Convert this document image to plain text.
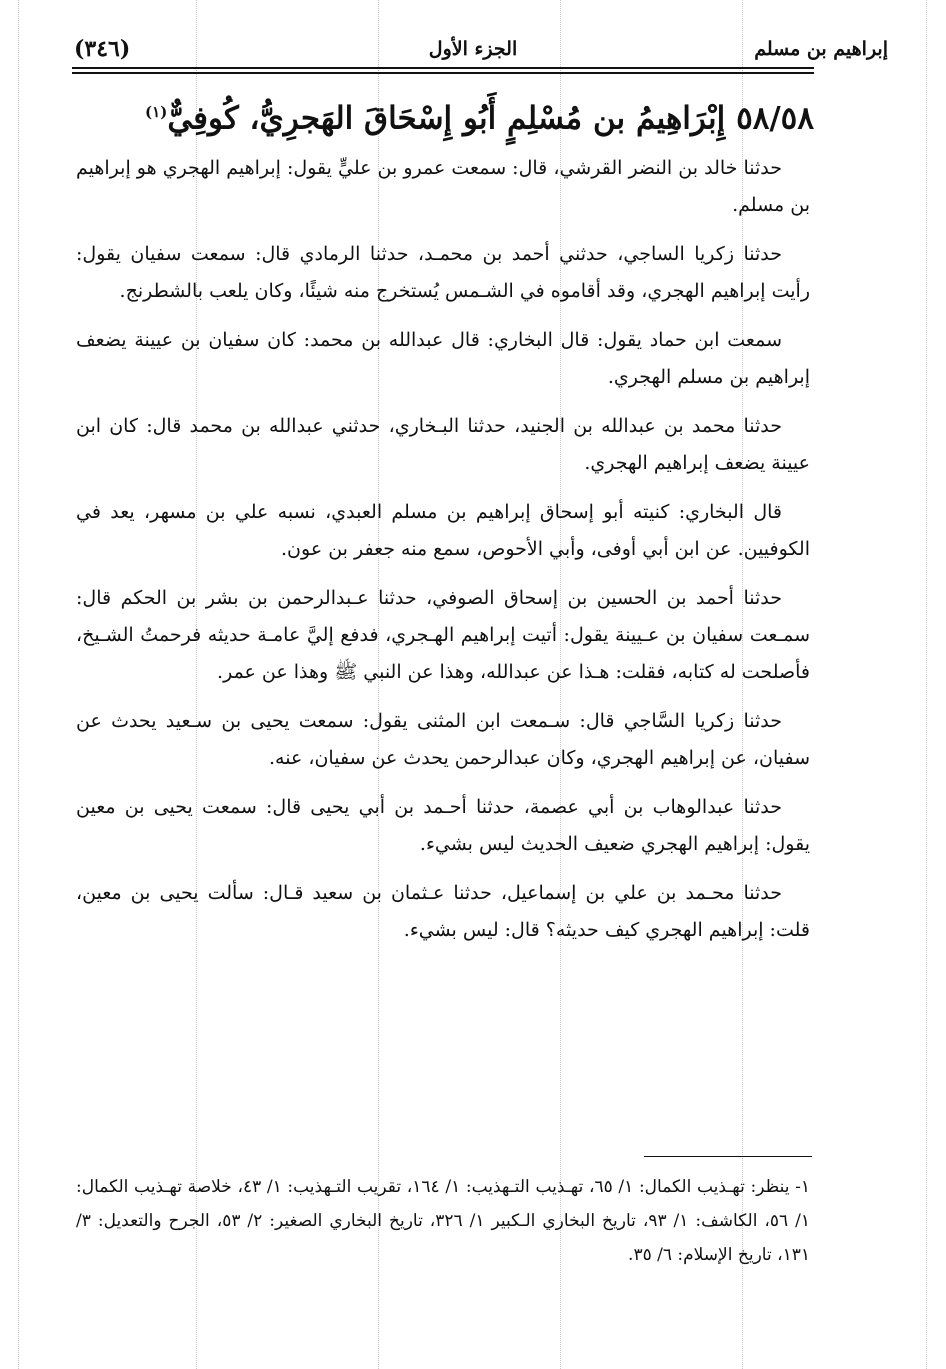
(٣٤٦)	الجزء الأول	إبراهيم بن مسلم
٥٨/٥٨ إِبْرَاهِيمُ بن مُسْلِمٍ أَبُو إِسْحَاقَ الهَجرِيُّ، كُوفِيٌّ$^{(١)}$

حدثنا خالد بن النضر القرشي، قال: سمعت عمرو بن عليٍّ يقول: إبراهيم الهجري هو إبراهيم بن مسلم.

حدثنا زكريا الساجي، حدثني أحمد بن محمـد، حدثنا الرمادي قال: سمعت سفيان يقول: رأيت إبراهيم الهجري، وقد أقاموه في الشـمس يُستخرج منه شيئًا، وكان يلعب بالشطرنج.

سمعت ابن حماد يقول: قال البخاري: قال عبدالله بن محمد: كان سفيان بن عيينة يضعف إبراهيم بن مسلم الهجري.

حدثنا محمد بن عبدالله بن الجنيد، حدثنا البـخاري، حدثني عبدالله بن محمد قال: كان ابن عيينة يضعف إبراهيم الهجري.

قال البخاري: كنيته أبو إسحاق إبراهيم بن مسلم العبدي، نسبه علي بن مسهر، يعد في الكوفيين. عن ابن أبي أوفى، وأبي الأحوص، سمع منه جعفر بن عون.

حدثنا أحمد بن الحسين بن إسحاق الصوفي، حدثنا عـبدالرحمن بن بشر بن الحكم قال: سمـعت سفيان بن عـيينة يقول: أتيت إبراهيم الهـجري، فدفع إليَّ عامـة حديثه فرحمتُ الشـيخ، فأصلحت له كتابه، فقلت: هـذا عن عبدالله، وهذا عن النبي ﷺ وهذا عن عمر.

حدثنا زكريا السَّاجي قال: سـمعت ابن المثنى يقول: سمعت يحيى بن سـعيد يحدث عن سفيان، عن إبراهيم الهجري، وكان عبدالرحمن يحدث عن سفيان، عنه.

حدثنا عبدالوهاب بن أبي عصمة، حدثنا أحـمد بن أبي يحيى قال: سمعت يحيى بن معين يقول: إبراهيم الهجري ضعيف الحديث ليس بشيء.

حدثنا محـمد بن علي بن إسماعيل، حدثنا عـثمان بن سعيد قـال: سألت يحيى بن معين، قلت: إبراهيم الهجري كيف حديثه؟ قال: ليس بشيء.

١- ينظر: تهـذيب الكمال: ١/ ٦٥، تهـذيب التـهذيب: ١/ ١٦٤، تقريب التـهذيب: ١/ ٤٣، خلاصة تهـذيب الكمال: ١/ ٥٦، الكاشف: ١/ ٩٣، تاريخ البخاري الـكبير ١/ ٣٢٦، تاريخ البخاري الصغير: ٢/ ٥٣، الجرح والتعديل: ٣/ ١٣١، تاريخ الإسلام: ٦/ ٣٥.
